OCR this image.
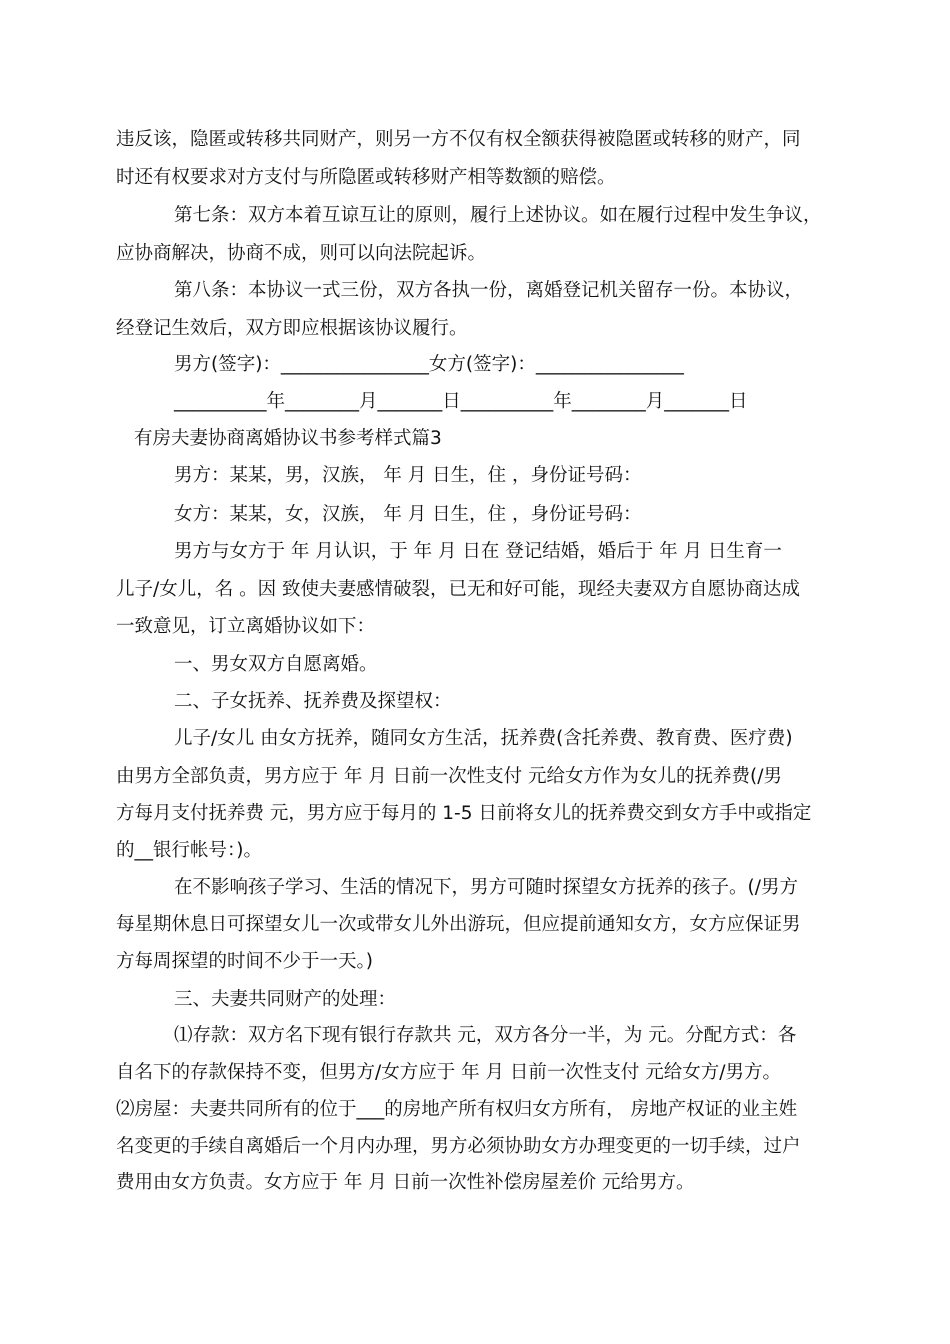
违反该，隐匿或转移共同财产，则另一方不仅有权全额获得被隐匿或转移的财产，同
时还有权要求对方支付与所隐匿或转移财产相等数额的赔偿。
第七条：双方本着互谅互让的原则，履行上述协议。如在履行过程中发生争议，
应协商解决，协商不成，则可以向法院起诉。
第八条：本协议一式三份，双方各执一份，离婚登记机关留存一份。本协议，
经登记生效后，双方即应根据该协议履行。
男方(签字)：________________女方(签字)：________________
__________年________月_______日__________年________月_______日
有房夫妻协商离婚协议书参考样式篇3
男方：某某，男，汉族， 年 月 日生，住 ，身份证号码：
女方：某某，女，汉族， 年 月 日生，住 ，身份证号码：
男方与女方于 年 月认识，于 年 月 日在 登记结婚，婚后于 年 月 日生育一
儿子/女儿，名 。因 致使夫妻感情破裂，已无和好可能，现经夫妻双方自愿协商达成
一致意见，订立离婚协议如下：
一、男女双方自愿离婚。
二、子女抚养、抚养费及探望权：
儿子/女儿 由女方抚养，随同女方生活，抚养费(含托养费、教育费、医疗费)
由男方全部负责，男方应于 年 月 日前一次性支付 元给女方作为女儿的抚养费(/男
方每月支付抚养费 元，男方应于每月的 1-5 日前将女儿的抚养费交到女方手中或指定
的__银行帐号：)。
在不影响孩子学习、生活的情况下，男方可随时探望女方抚养的孩子。(/男方
每星期休息日可探望女儿一次或带女儿外出游玩，但应提前通知女方，女方应保证男
方每周探望的时间不少于一天。)
三、夫妻共同财产的处理：
⑴存款：双方名下现有银行存款共 元，双方各分一半，为 元。分配方式：各
自名下的存款保持不变，但男方/女方应于 年 月 日前一次性支付 元给女方/男方。
⑵房屋：夫妻共同所有的位于___的房地产所有权归女方所有， 房地产权证的业主姓
名变更的手续自离婚后一个月内办理，男方必须协助女方办理变更的一切手续，过户
费用由女方负责。女方应于 年 月 日前一次性补偿房屋差价 元给男方。
